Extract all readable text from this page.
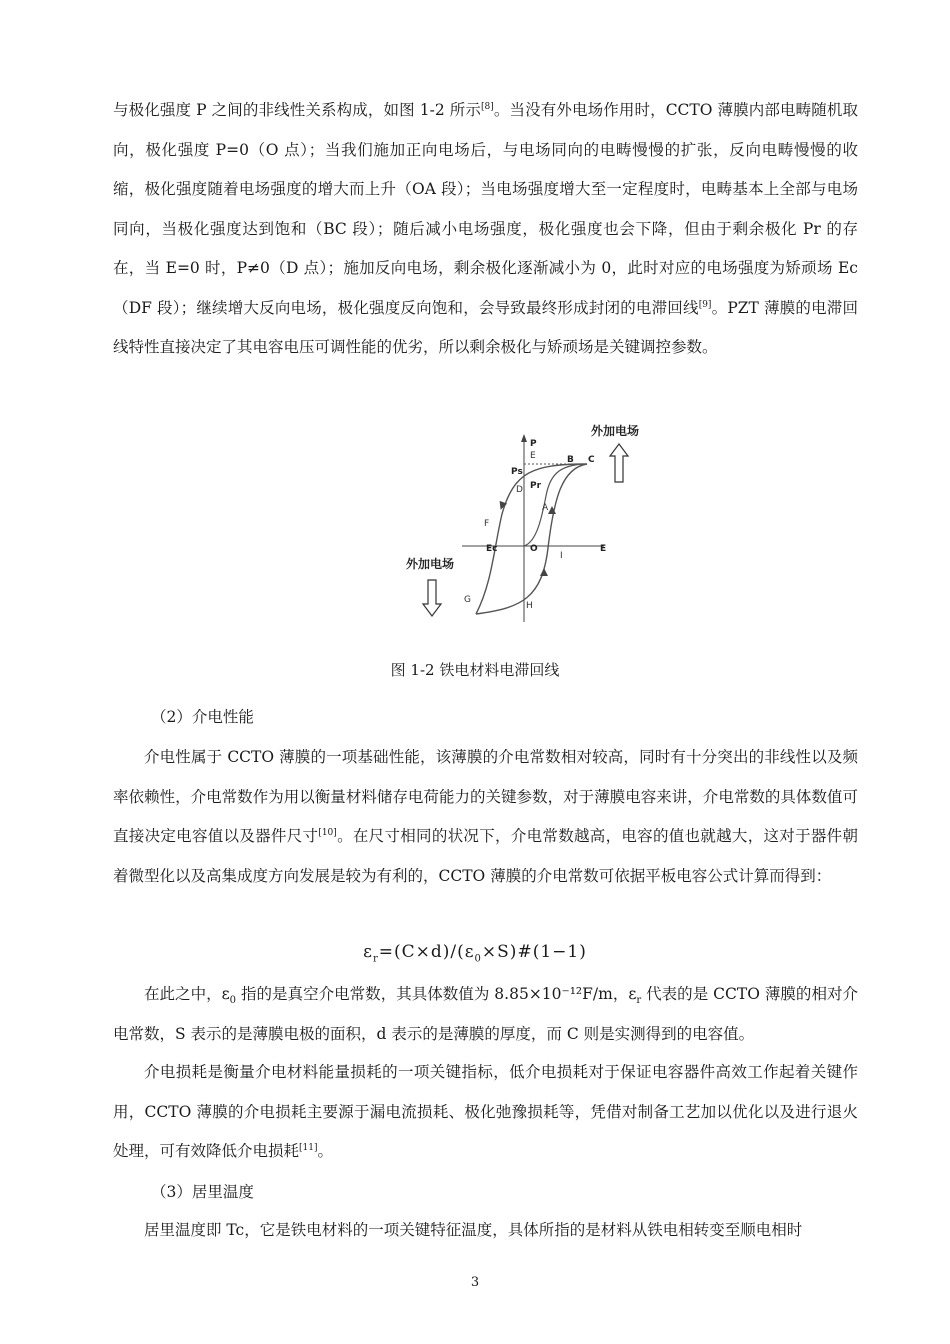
与极化强度 P 之间的非线性关系构成，如图 1-2 所示[8]。当没有外电场作用时，CCTO 薄膜内部电畴随机取向，极化强度 P=0（O 点）；当我们施加正向电场后，与电场同向的电畴慢慢的扩张，反向电畴慢慢的收缩，极化强度随着电场强度的增大而上升（OA 段）；当电场强度增大至一定程度时，电畴基本上全部与电场同向，当极化强度达到饱和（BC 段）；随后减小电场强度，极化强度也会下降，但由于剩余极化 Pr 的存在，当 E=0 时，P≠0（D 点）；施加反向电场，剩余极化逐渐减小为 0，此时对应的电场强度为矫顽场 Ec（DF 段）；继续增大反向电场，极化强度反向饱和，会导致最终形成封闭的电滞回线[9]。PZT 薄膜的电滞回线特性直接决定了其电容电压可调性能的优劣，所以剩余极化与矫顽场是关键调控参数。

P
E
Ps
B C
D Pr
A
F
Ec	O	E
I
G
H
外加电场
外加电场
图 1-2 铁电材料电滞回线

（2）介电性能

介电性属于 CCTO 薄膜的一项基础性能，该薄膜的介电常数相对较高，同时有十分突出的非线性以及频率依赖性，介电常数作为用以衡量材料储存电荷能力的关键参数，对于薄膜电容来讲，介电常数的具体数值可直接决定电容值以及器件尺寸[10]。在尺寸相同的状况下，介电常数越高，电容的值也就越大，这对于器件朝着微型化以及高集成度方向发展是较为有利的，CCTO 薄膜的介电常数可依据平板电容公式计算而得到：

$\varepsilon_r=(C\times d)/(\varepsilon_0\times S)\#(1-1)$

在此之中，$\varepsilon_0$ 指的是真空介电常数，其具体数值为 8.85×10⁻¹²F/m，$\varepsilon_r$ 代表的是 CCTO 薄膜的相对介电常数，S 表示的是薄膜电极的面积，d 表示的是薄膜的厚度，而 C 则是实测得到的电容值。

介电损耗是衡量介电材料能量损耗的一项关键指标，低介电损耗对于保证电容器件高效工作起着关键作用，CCTO 薄膜的介电损耗主要源于漏电流损耗、极化弛豫损耗等，凭借对制备工艺加以优化以及进行退火处理，可有效降低介电损耗[11]。

（3）居里温度

居里温度即 Tc，它是铁电材料的一项关键特征温度，具体所指的是材料从铁电相转变至顺电相时

3
